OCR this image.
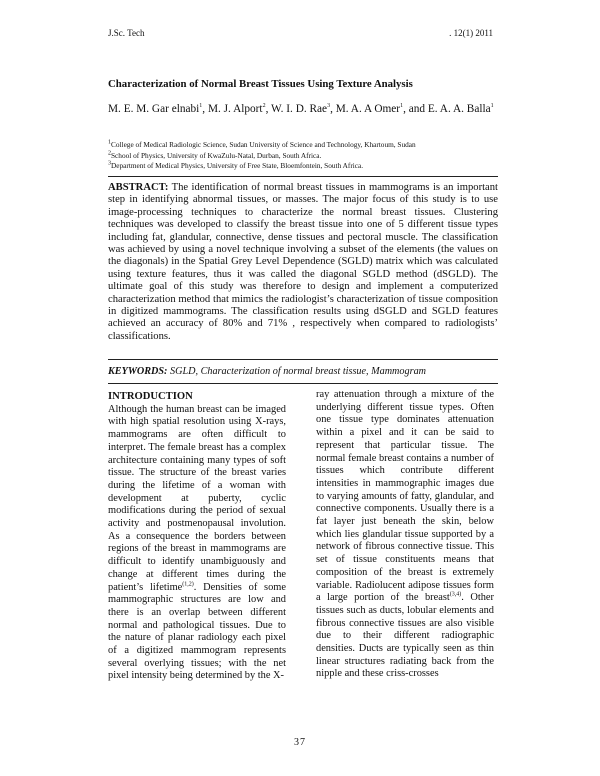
J.Sc. Tech	. 12(1) 2011
Characterization of Normal Breast Tissues Using Texture Analysis
M. E. M. Gar elnabi$^1$, M. J. Alport$^2$, W. I. D. Rae$^3$, M. A. A Omer$^1$, and E. A. A. Balla$^1$
$^1$College of Medical Radiologic Science, Sudan University of Science and Technology, Khartoum, Sudan
$^2$School of Physics, University of KwaZulu-Natal, Durban, South Africa.
$^3$Department of Medical Physics, University of Free State, Bloemfontein, South Africa.
ABSTRACT: The identification of normal breast tissues in mammograms is an important step in identifying abnormal tissues, or masses. The major focus of this study is to use image-processing techniques to characterize the normal breast tissues. Clustering techniques was developed to classify the breast tissue into one of 5 different tissue types including fat, glandular, connective, dense tissues and pectoral muscle. The classification was achieved by using a novel technique involving a subset of the elements (the values on the diagonals) in the Spatial Grey Level Dependence (SGLD) matrix which was calculated using texture features, thus it was called the diagonal SGLD method (dSGLD). The ultimate goal of this study was therefore to design and implement a computerized characterization method that mimics the radiologist’s characterization of tissue composition in digitized mammograms. The classification results using dSGLD and SGLD features achieved an accuracy of 80% and 71% , respectively when compared to radiologists’ classifications.
KEYWORDS: SGLD, Characterization of normal breast tissue, Mammogram
INTRODUCTION
Although the human breast can be imaged with high spatial resolution using X-rays, mammograms are often difficult to interpret. The female breast has a complex architecture containing many types of soft tissue. The structure of the breast varies during the lifetime of a woman with development at puberty, cyclic modifications during the period of sexual activity and postmenopausal involution. As a consequence the borders between regions of the breast in mammograms are difficult to identify unambiguously and change at different times during the patient’s lifetime$^{(1,2)}$. Densities of some mammographic structures are low and there is an overlap between different normal and pathological tissues. Due to the nature of planar radiology each pixel of a digitized mammogram represents several overlying tissues; with the net pixel intensity being determined by the X-
ray attenuation through a mixture of the underlying different tissue types. Often one tissue type dominates attenuation within a pixel and it can be said to represent that particular tissue. The normal female breast contains a number of tissues which contribute different intensities in mammographic images due to varying amounts of fatty, glandular, and connective components. Usually there is a fat layer just beneath the skin, below which lies glandular tissue supported by a network of fibrous connective tissue. This set of tissue constituents means that composition of the breast is extremely variable. Radiolucent adipose tissues form a large portion of the breast$^{(3,4)}$. Other tissues such as ducts, lobular elements and fibrous connective tissues are also visible due to their different radiographic densities. Ducts are typically seen as thin linear structures radiating back from the nipple and these criss-crosses
37
